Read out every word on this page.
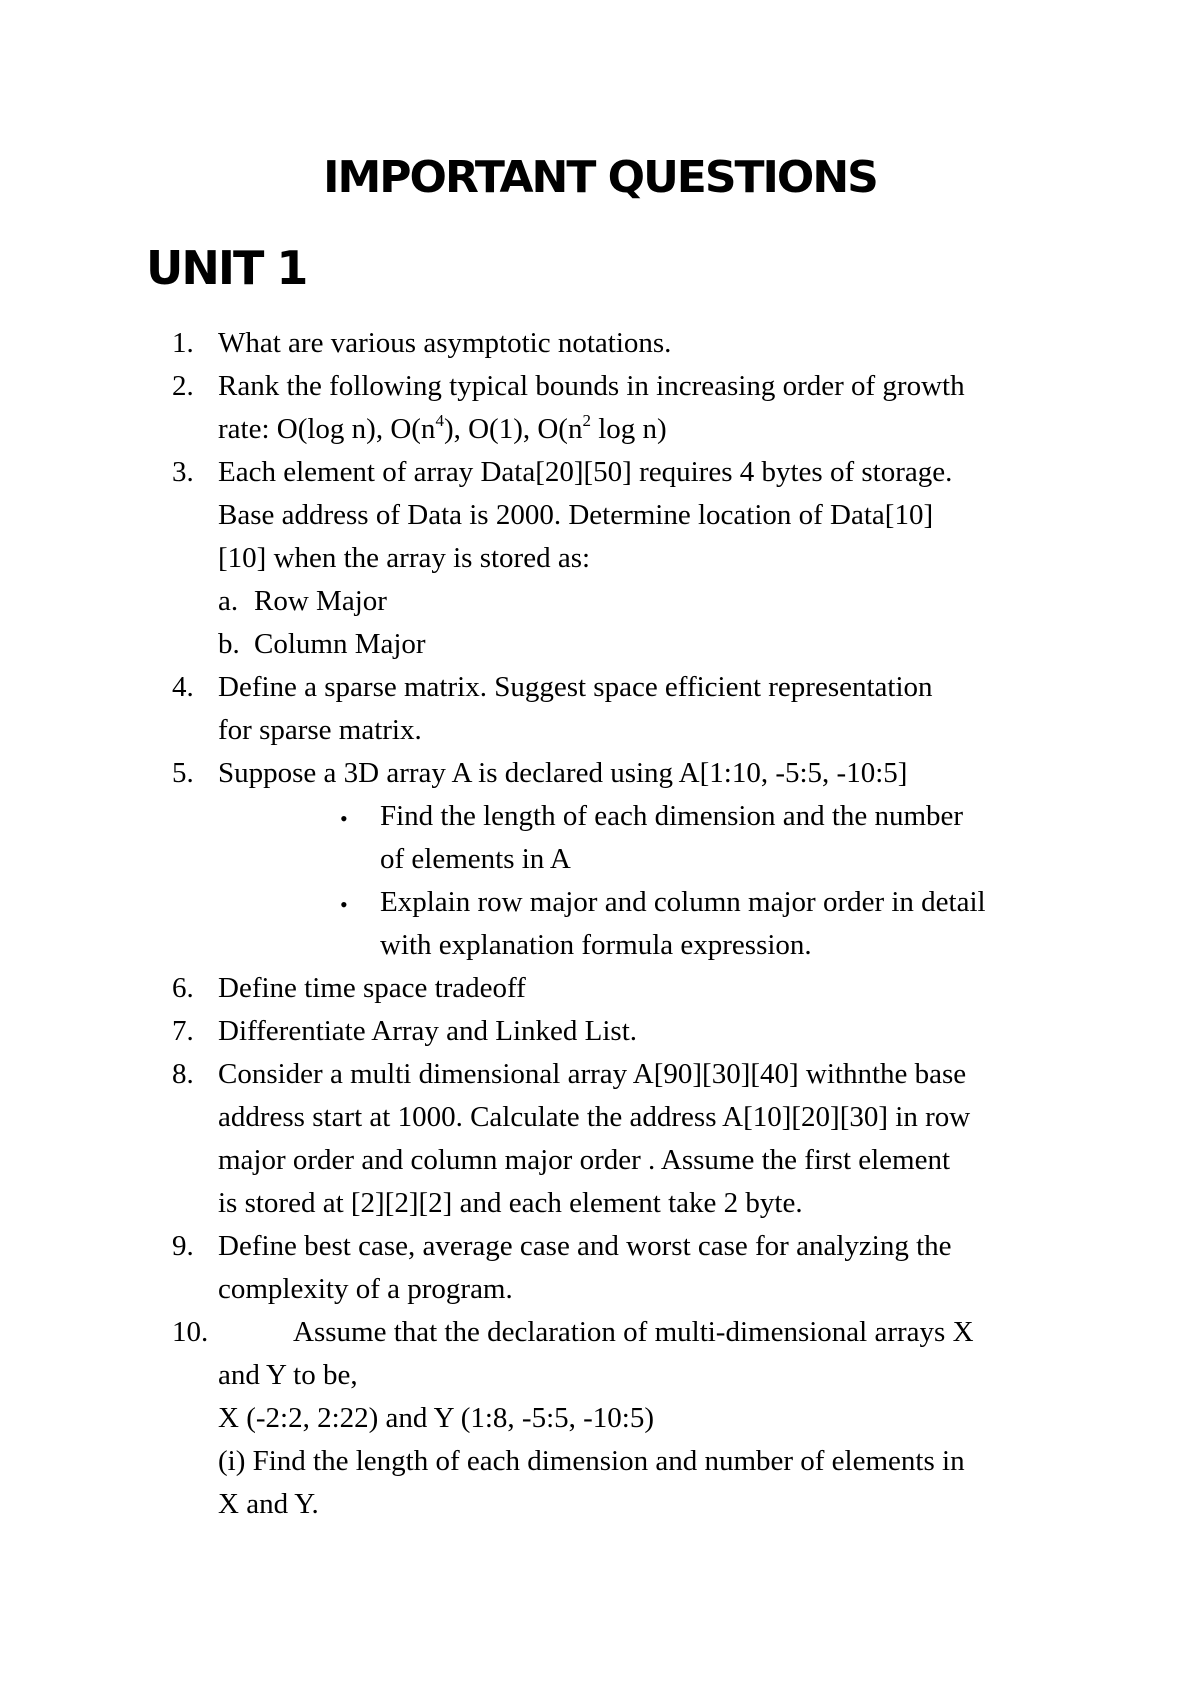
IMPORTANT QUESTIONS
UNIT 1
1. What are various asymptotic notations.
2. Rank the following typical bounds in increasing order of growth
rate: O(log n), $O(n^4)$, O(1), $O(n^2$ log n)
3. Each element of array Data[20][50] requires 4 bytes of storage.
Base address of Data is 2000. Determine location of Data[10]
[10] when the array is stored as:
a. Row Major
b. Column Major
4. Define a sparse matrix. Suggest space efficient representation
for sparse matrix.
5. Suppose a 3D array A is declared using A[1:10, -5:5, -10:5]
• Find the length of each dimension and the number
of elements in A
• Explain row major and column major order in detail
with explanation formula expression.
6. Define time space tradeoff
7. Differentiate Array and Linked List.
8. Consider a multi dimensional array A[90][30][40] withnthe base
address start at 1000. Calculate the address A[10][20][30] in row
major order and column major order . Assume the first element
is stored at [2][2][2] and each element take 2 byte.
9. Define best case, average case and worst case for analyzing the
complexity of a program.
10.	Assume that the declaration of multi-dimensional arrays X
and Y to be,
X (-2:2, 2:22) and Y (1:8, -5:5, -10:5)
(i) Find the length of each dimension and number of elements in
X and Y.
